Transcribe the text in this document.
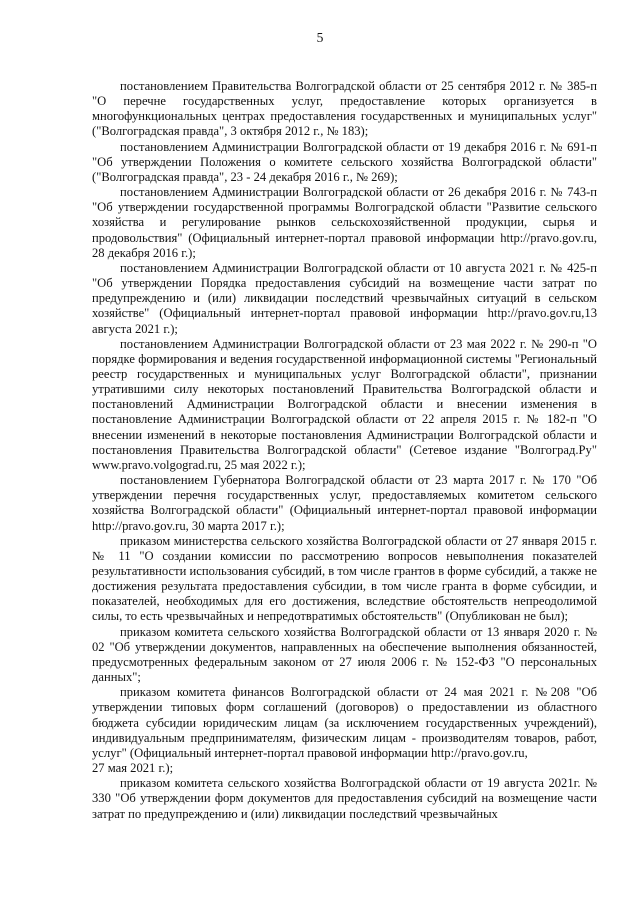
5

постановлением Правительства Волгоградской области от 25 сентября 2012 г. № 385-п "О перечне государственных услуг, предоставление которых организуется в многофункциональных центрах предоставления государственных и муниципальных услуг" ("Волгоградская правда", 3 октября 2012 г., № 183);

постановлением Администрации Волгоградской области от 19 декабря 2016 г. № 691-п "Об утверждении Положения о комитете сельского хозяйства Волгоградской области" ("Волгоградская правда", 23 - 24 декабря 2016 г., № 269);

постановлением Администрации Волгоградской области от 26 декабря 2016 г. № 743-п "Об утверждении государственной программы Волгоградской области "Развитие сельского хозяйства и регулирование рынков сельскохозяйственной продукции, сырья и продовольствия" (Официальный интернет-портал правовой информации http://pravo.gov.ru, 28 декабря 2016 г.);

постановлением Администрации Волгоградской области от 10 августа 2021 г. № 425-п "Об утверждении Порядка предоставления субсидий на возмещение части затрат по предупреждению и (или) ликвидации последствий чрезвычайных ситуаций в сельском хозяйстве" (Официальный интернет-портал правовой информации http://pravo.gov.ru,13 августа 2021 г.);

постановлением Администрации Волгоградской области от 23 мая 2022 г. № 290-п "О порядке формирования и ведения государственной информационной системы "Региональный реестр государственных и муниципальных услуг Волгоградской области", признании утратившими силу некоторых постановлений Правительства Волгоградской области и постановлений Администрации Волгоградской области и внесении изменения в постановление Администрации Волгоградской области от 22 апреля 2015 г. № 182-п "О внесении изменений в некоторые постановления Администрации Волгоградской области и постановления Правительства Волгоградской области" (Сетевое издание "Волгоград.Ру" www.pravo.volgograd.ru, 25 мая 2022 г.);

постановлением Губернатора Волгоградской области от 23 марта 2017 г. № 170 "Об утверждении перечня государственных услуг, предоставляемых комитетом сельского хозяйства Волгоградской области" (Официальный интернет-портал правовой информации http://pravo.gov.ru, 30 марта 2017 г.);

приказом министерства сельского хозяйства Волгоградской области от 27 января 2015 г. № 11 "О создании комиссии по рассмотрению вопросов невыполнения показателей результативности использования субсидий, в том числе грантов в форме субсидий, а также не достижения результата предоставления субсидии, в том числе гранта в форме субсидии, и показателей, необходимых для его достижения, вследствие обстоятельств непреодолимой силы, то есть чрезвычайных и непредотвратимых обстоятельств" (Опубликован не был);

приказом комитета сельского хозяйства Волгоградской области от 13 января 2020 г. № 02 "Об утверждении документов, направленных на обеспечение выполнения обязанностей, предусмотренных федеральным законом от 27 июля 2006 г. № 152-ФЗ "О персональных данных";

приказом комитета финансов Волгоградской области от 24 мая 2021 г. №208 "Об утверждении типовых форм соглашений (договоров) о предоставлении из областного бюджета субсидии юридическим лицам (за исключением государственных учреждений), индивидуальным предпринимателям, физическим лицам - производителям товаров, работ, услуг" (Официальный интернет-портал правовой информации http://pravo.gov.ru,

27 мая 2021 г.);

приказом комитета сельского хозяйства Волгоградской области от 19 августа 2021г. № 330 "Об утверждении форм документов для предоставления субсидий на возмещение части затрат по предупреждению и (или) ликвидации последствий чрезвычайных
